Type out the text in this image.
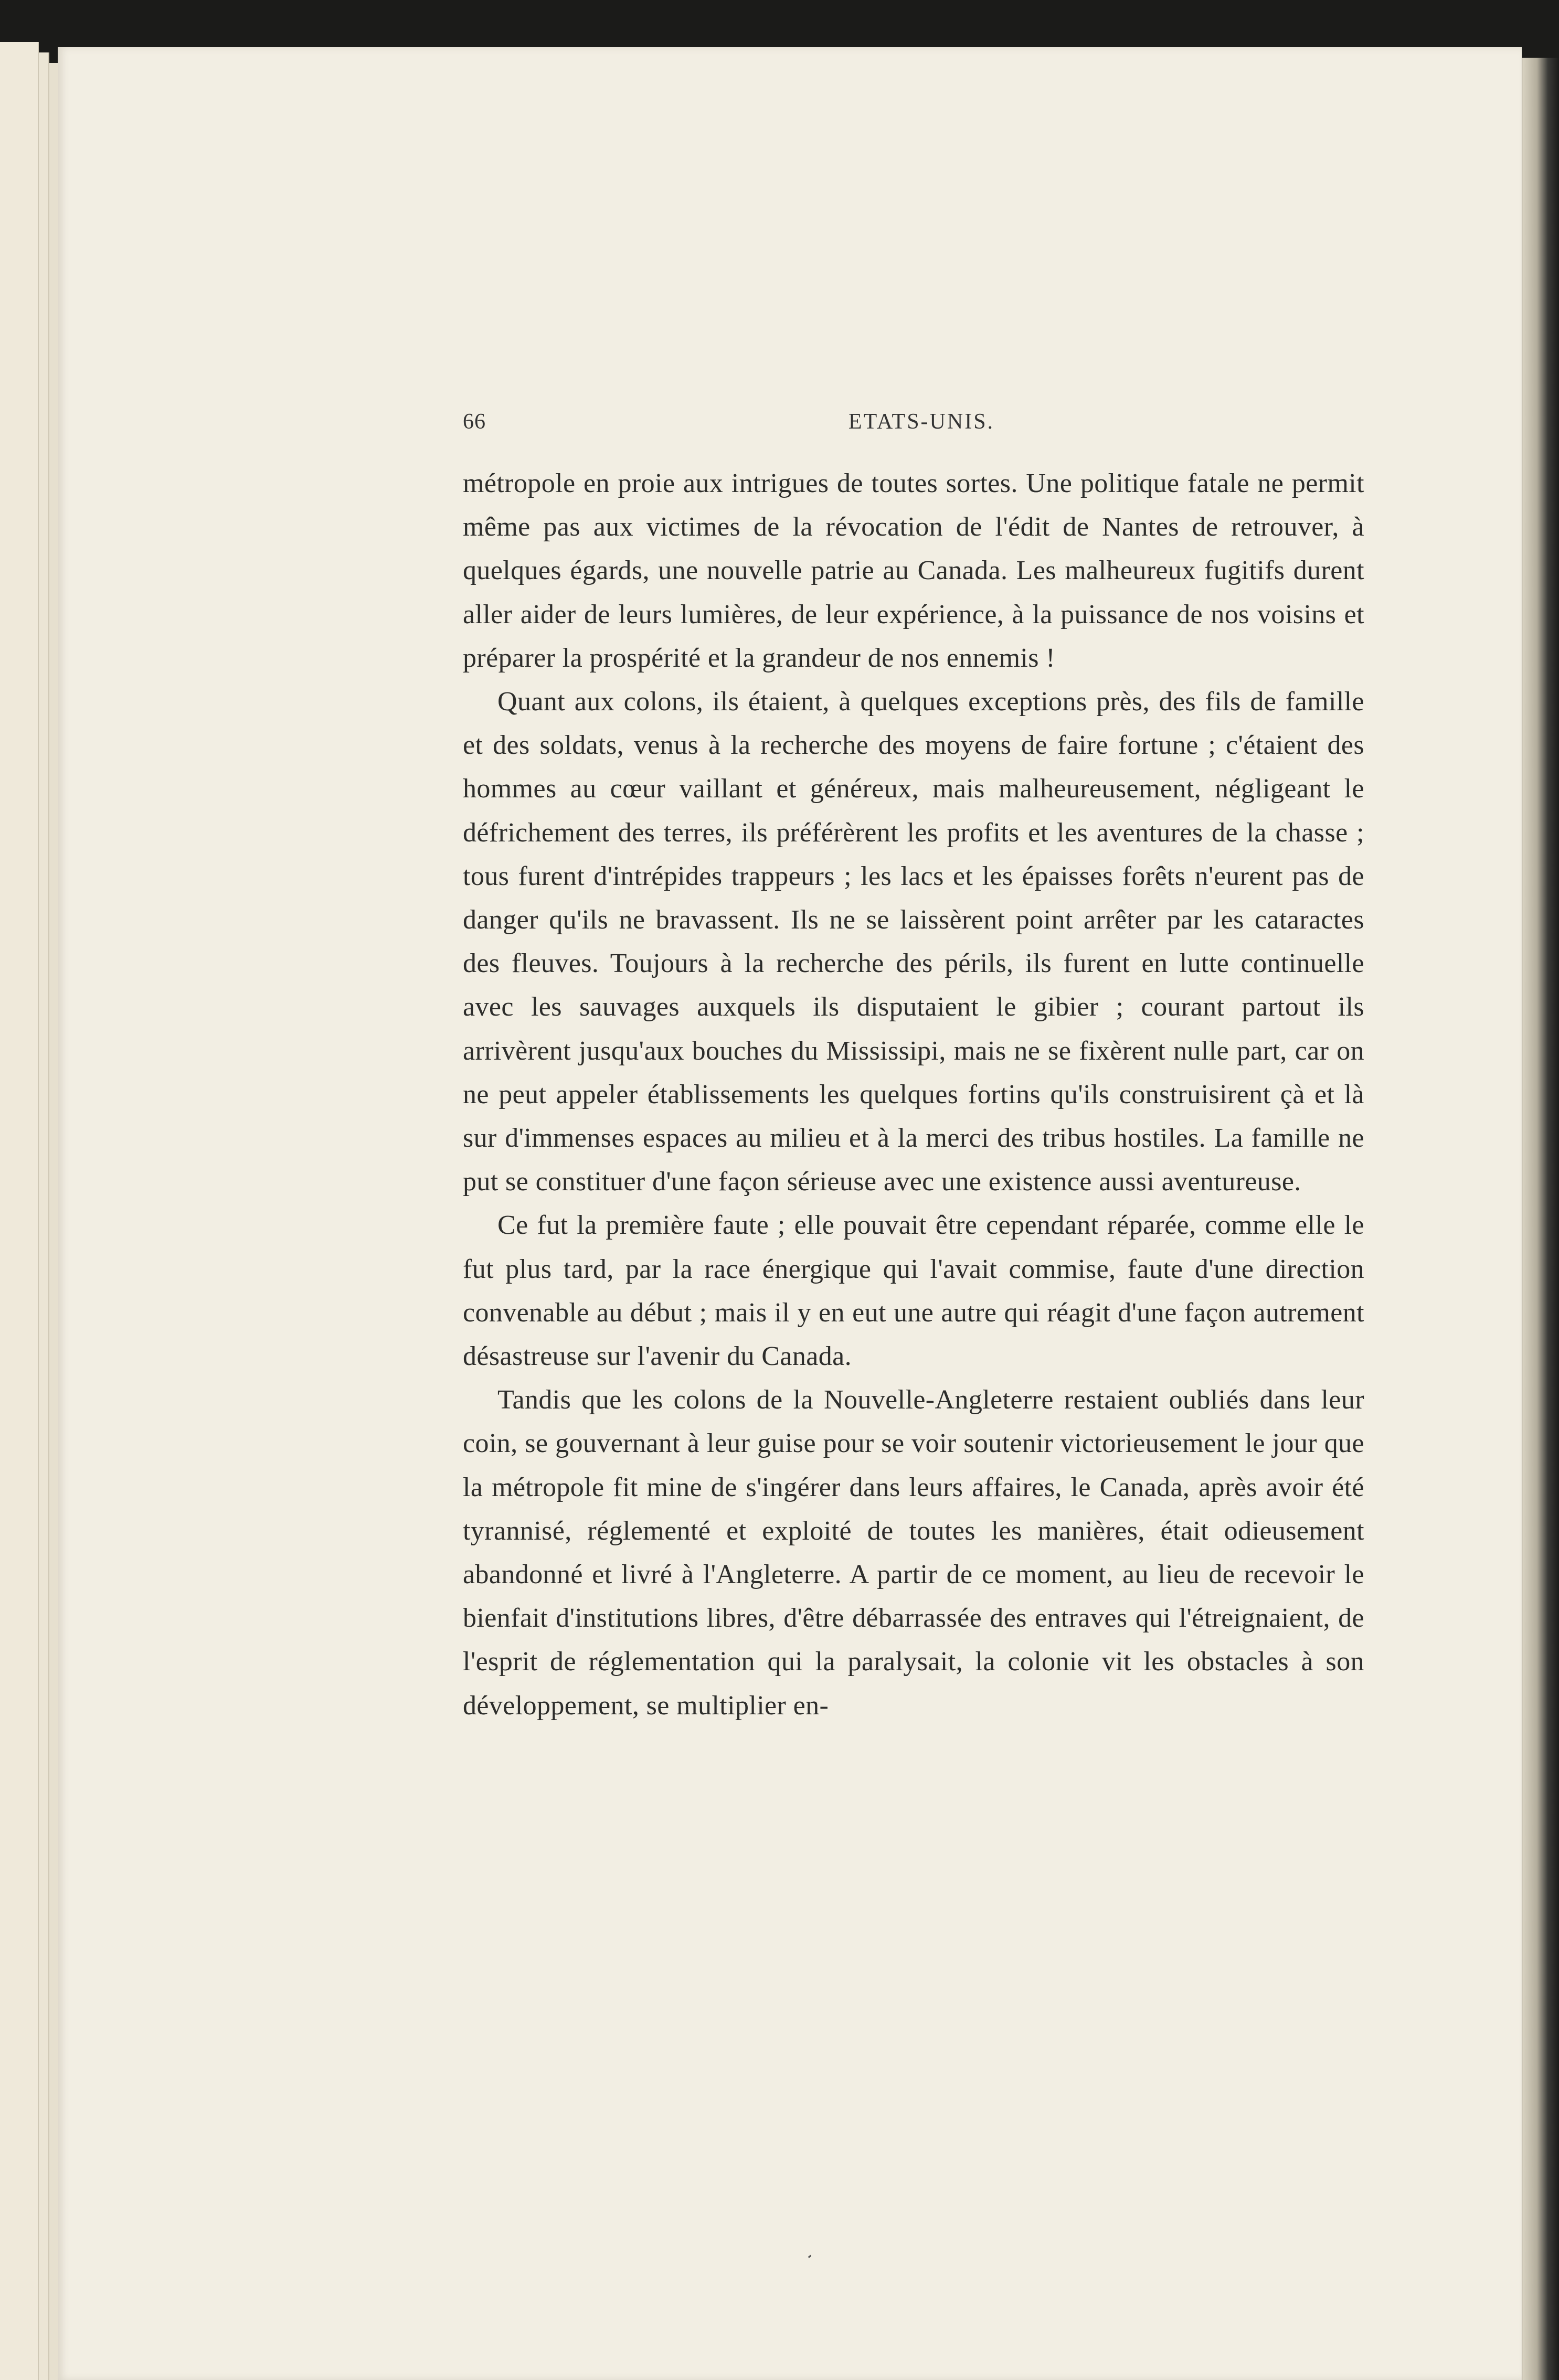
66	ETATS-UNIS.

métropole en proie aux intrigues de toutes sortes. Une politique fatale ne permit même pas aux victimes de la révocation de l'édit de Nantes de retrouver, à quelques égards, une nouvelle patrie au Canada. Les malheureux fugitifs durent aller aider de leurs lumières, de leur expérience, à la puissance de nos voisins et préparer la prospérité et la grandeur de nos ennemis !

Quant aux colons, ils étaient, à quelques exceptions près, des fils de famille et des soldats, venus à la recherche des moyens de faire fortune ; c'étaient des hommes au cœur vaillant et généreux, mais malheureusement, négligeant le défrichement des terres, ils préférèrent les profits et les aventures de la chasse ; tous furent d'intrépides trappeurs ; les lacs et les épaisses forêts n'eurent pas de danger qu'ils ne bravassent. Ils ne se laissèrent point arrêter par les cataractes des fleuves. Toujours à la recherche des périls, ils furent en lutte continuelle avec les sauvages auxquels ils disputaient le gibier ; courant partout ils arrivèrent jusqu'aux bouches du Mississipi, mais ne se fixèrent nulle part, car on ne peut appeler établissements les quelques fortins qu'ils construisirent çà et là sur d'immenses espaces au milieu et à la merci des tribus hostiles. La famille ne put se constituer d'une façon sérieuse avec une existence aussi aventureuse.

Ce fut la première faute ; elle pouvait être cependant réparée, comme elle le fut plus tard, par la race énergique qui l'avait commise, faute d'une direction convenable au début ; mais il y en eut une autre qui réagit d'une façon autrement désastreuse sur l'avenir du Canada.

Tandis que les colons de la Nouvelle-Angleterre restaient oubliés dans leur coin, se gouvernant à leur guise pour se voir soutenir victorieusement le jour que la métropole fit mine de s'ingérer dans leurs affaires, le Canada, après avoir été tyrannisé, réglementé et exploité de toutes les manières, était odieusement abandonné et livré à l'Angleterre. A partir de ce moment, au lieu de recevoir le bienfait d'institutions libres, d'être débarrassée des entraves qui l'étreignaient, de l'esprit de réglementation qui la paralysait, la colonie vit les obstacles à son développement, se multiplier en-
